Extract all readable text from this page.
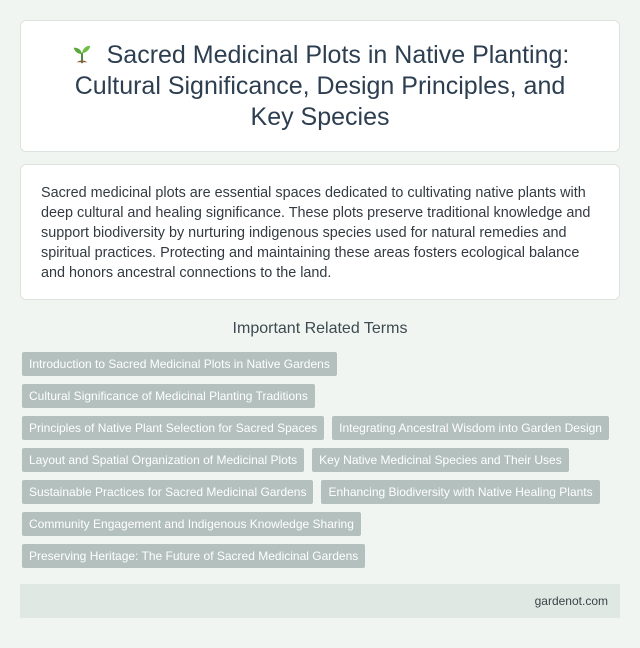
Sacred Medicinal Plots in Native Planting: Cultural Significance, Design Principles, and Key Species

Sacred medicinal plots are essential spaces dedicated to cultivating native plants with deep cultural and healing significance. These plots preserve traditional knowledge and support biodiversity by nurturing indigenous species used for natural remedies and spiritual practices. Protecting and maintaining these areas fosters ecological balance and honors ancestral connections to the land.

Important Related Terms
Introduction to Sacred Medicinal Plots in Native Gardens
Cultural Significance of Medicinal Planting Traditions
Principles of Native Plant Selection for Sacred Spaces	Integrating Ancestral Wisdom into Garden Design
Layout and Spatial Organization of Medicinal Plots	Key Native Medicinal Species and Their Uses
Sustainable Practices for Sacred Medicinal Gardens	Enhancing Biodiversity with Native Healing Plants
Community Engagement and Indigenous Knowledge Sharing
Preserving Heritage: The Future of Sacred Medicinal Gardens
gardenot.com
